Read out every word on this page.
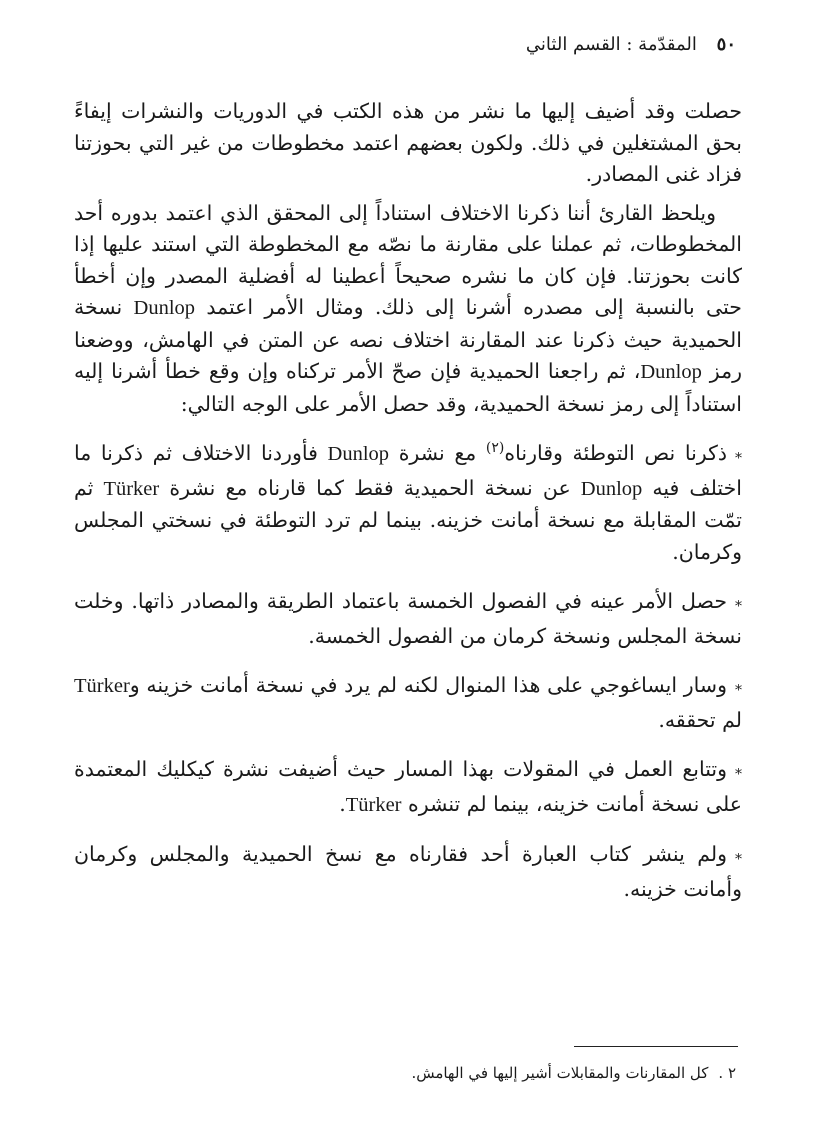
٥٠ المقدّمة : القسم الثاني

حصلت وقد أضيف إليها ما نشر من هذه الكتب في الدوريات والنشرات إيفاءً بحق المشتغلين في ذلك. ولكون بعضهم اعتمد مخطوطات من غير التي بحوزتنا فزاد غنى المصادر.

ويلحظ القارئ أننا ذكرنا الاختلاف استناداً إلى المحقق الذي اعتمد بدوره أحد المخطوطات، ثم عملنا على مقارنة ما نصّه مع المخطوطة التي استند عليها إذا كانت بحوزتنا. فإن كان ما نشره صحيحاً أعطينا له أفضلية المصدر وإن أخطأ حتى بالنسبة إلى مصدره أشرنا إلى ذلك. ومثال الأمر اعتمد Dunlop نسخة الحميدية حيث ذكرنا عند المقارنة اختلاف نصه عن المتن في الهامش، ووضعنا رمز Dunlop، ثم راجعنا الحميدية فإن صحّ الأمر تركناه وإن وقع خطأ أشرنا إليه استناداً إلى رمز نسخة الحميدية، وقد حصل الأمر على الوجه التالي:

⁎ذكرنا نص التوطئة وقارناه$^{(٢)}$ مع نشرة Dunlop فأوردنا الاختلاف ثم ذكرنا ما اختلف فيه Dunlop عن نسخة الحميدية فقط كما قارناه مع نشرة Türker ثم تمّت المقابلة مع نسخة أمانت خزينه. بينما لم ترد التوطئة في نسختي المجلس وكرمان.

⁎حصل الأمر عينه في الفصول الخمسة باعتماد الطريقة والمصادر ذاتها. وخلت نسخة المجلس ونسخة كرمان من الفصول الخمسة.

⁎وسار ايساغوجي على هذا المنوال لكنه لم يرد في نسخة أمانت خزينه وTürker لم تحققه.

⁎وتتابع العمل في المقولات بهذا المسار حيث أضيفت نشرة كيكليك المعتمدة على نسخة أمانت خزينه، بينما لم تنشره Türker.

⁎ولم ينشر كتاب العبارة أحد فقارناه مع نسخ الحميدية والمجلس وكرمان وأمانت خزينه.

٢ .كل المقارنات والمقابلات أشير إليها في الهامش.
